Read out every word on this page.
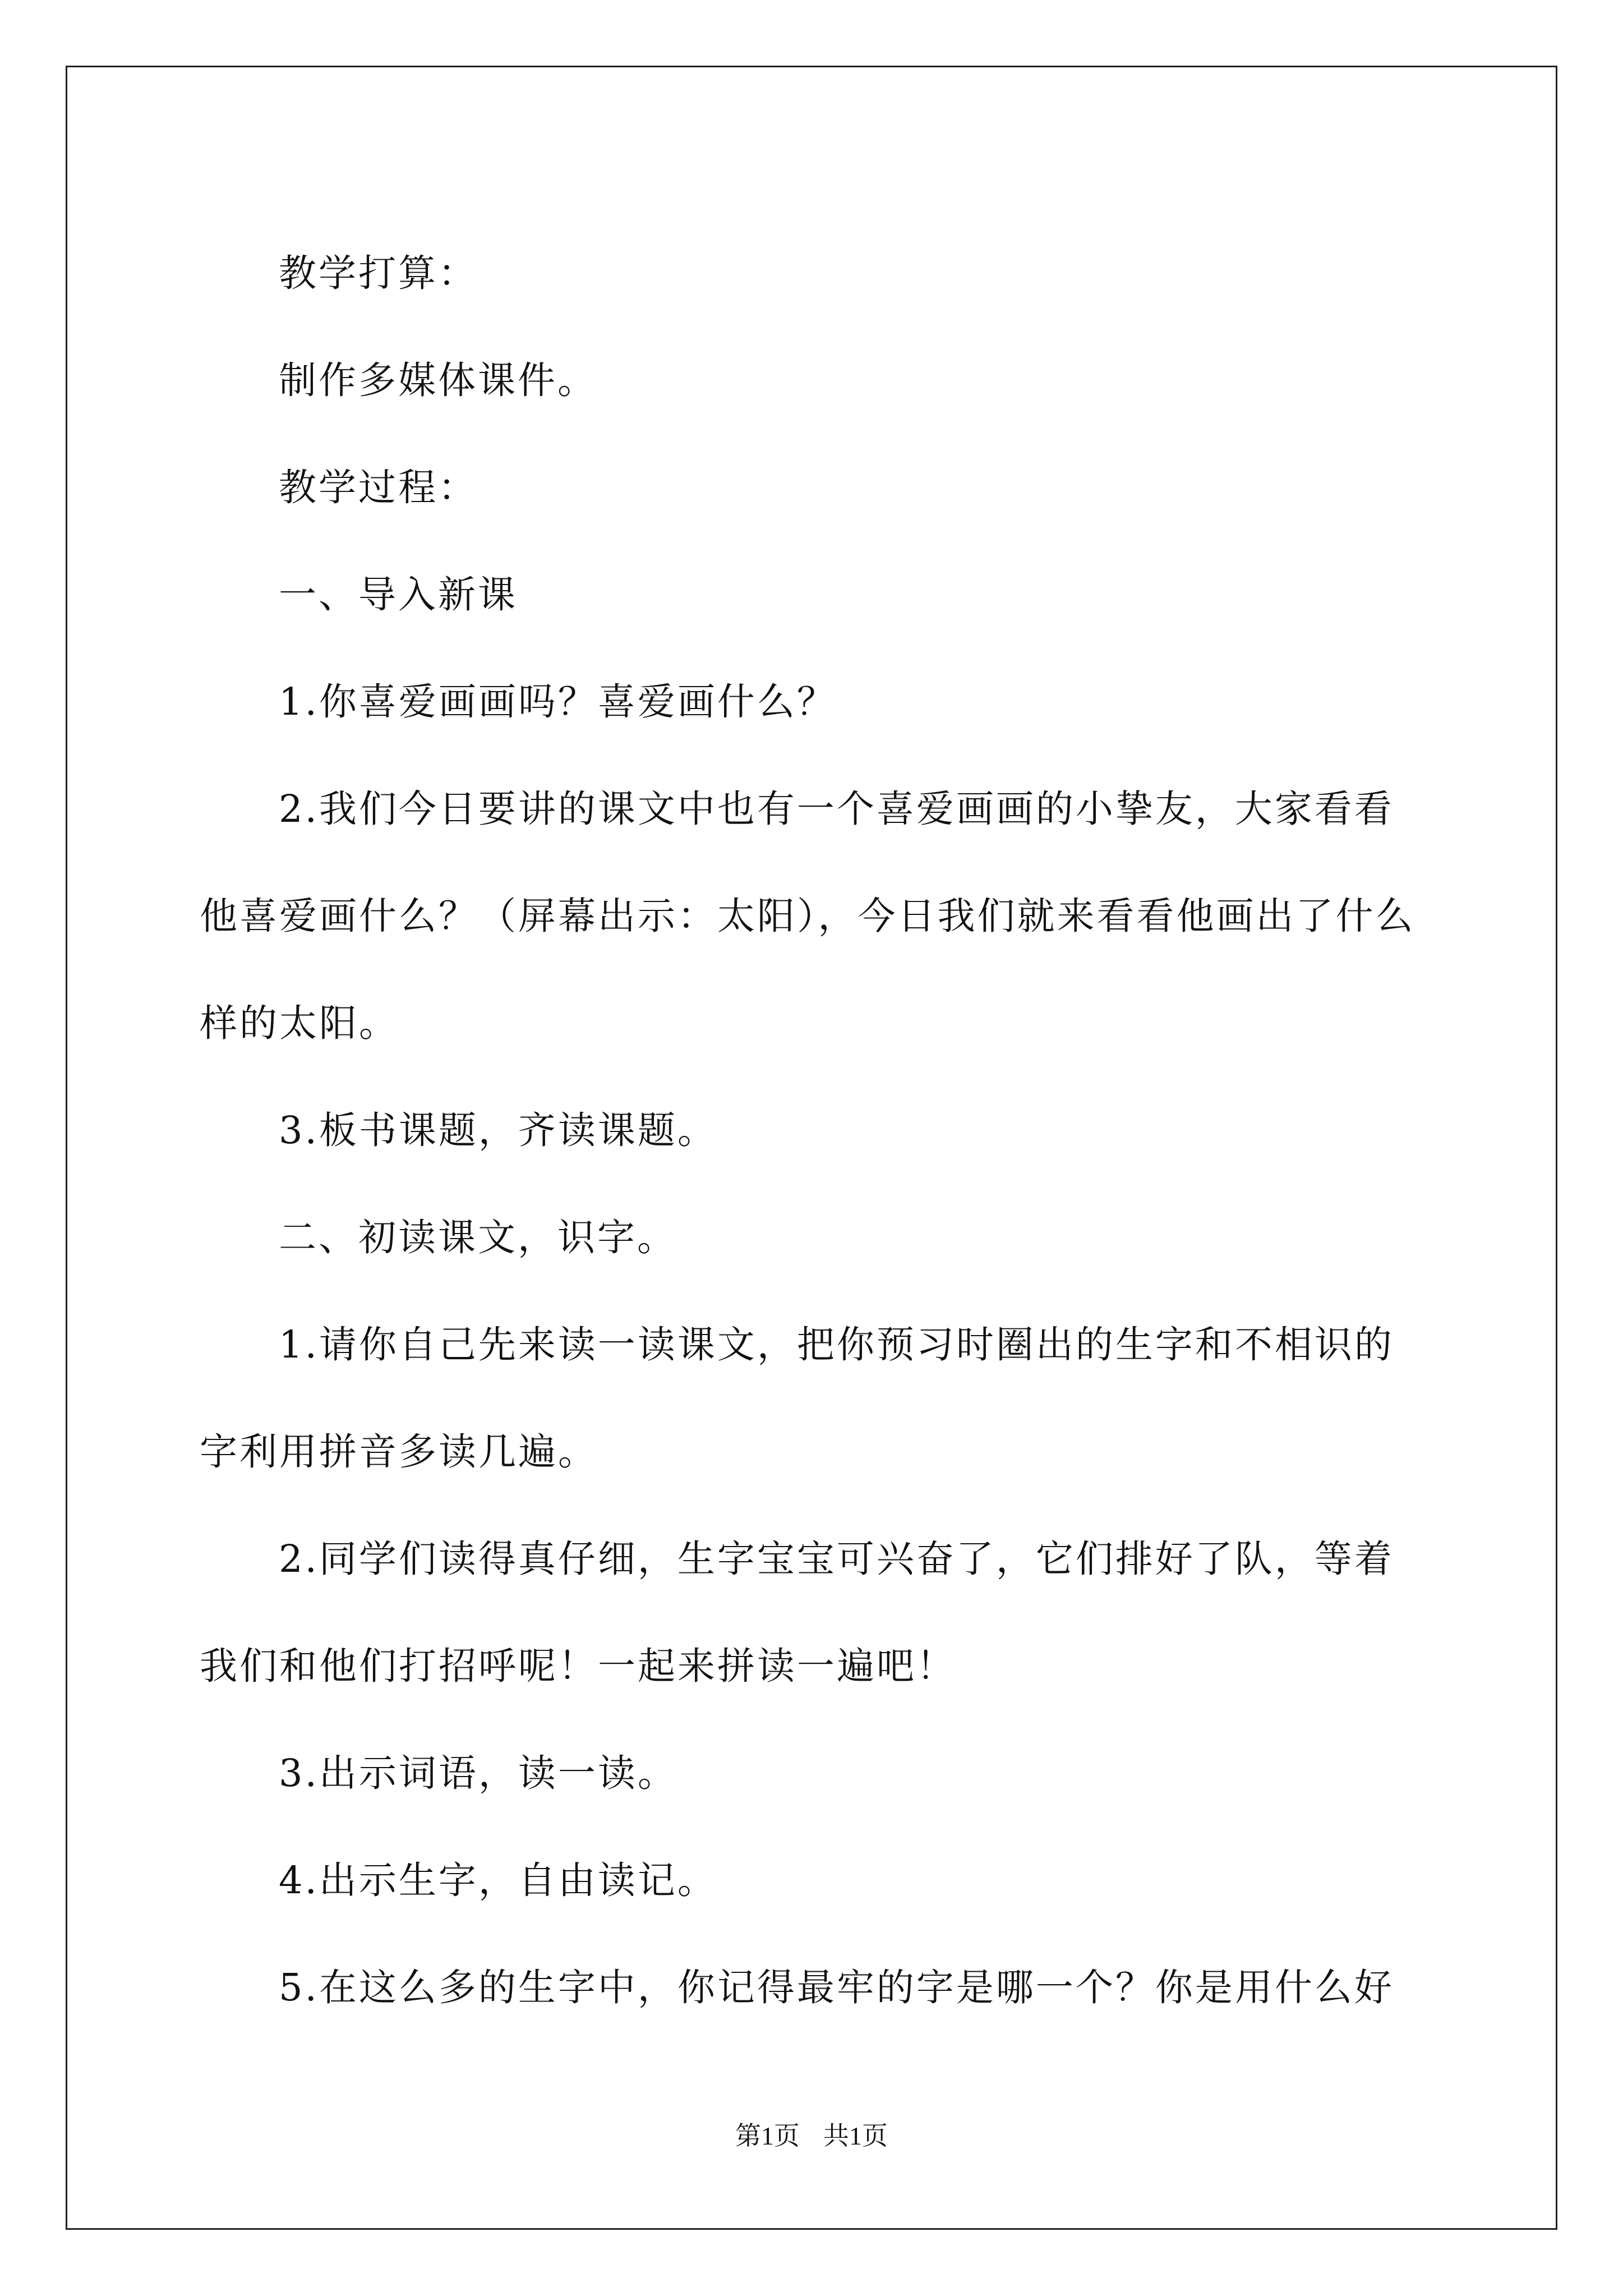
教学打算：

制作多媒体课件。

教学过程：

一、导入新课

1.你喜爱画画吗？喜爱画什么？

2.我们今日要讲的课文中也有一个喜爱画画的小挚友，大家看看他喜爱画什么？（屏幕出示：太阳），今日我们就来看看他画出了什么样的太阳。

3.板书课题，齐读课题。

二、初读课文，识字。

1.请你自己先来读一读课文，把你预习时圈出的生字和不相识的字利用拼音多读几遍。

2.同学们读得真仔细，生字宝宝可兴奋了，它们排好了队，等着我们和他们打招呼呢！一起来拼读一遍吧！

3.出示词语，读一读。

4.出示生字，自由读记。

5.在这么多的生字中，你记得最牢的字是哪一个？你是用什么好

第1页 共1页
